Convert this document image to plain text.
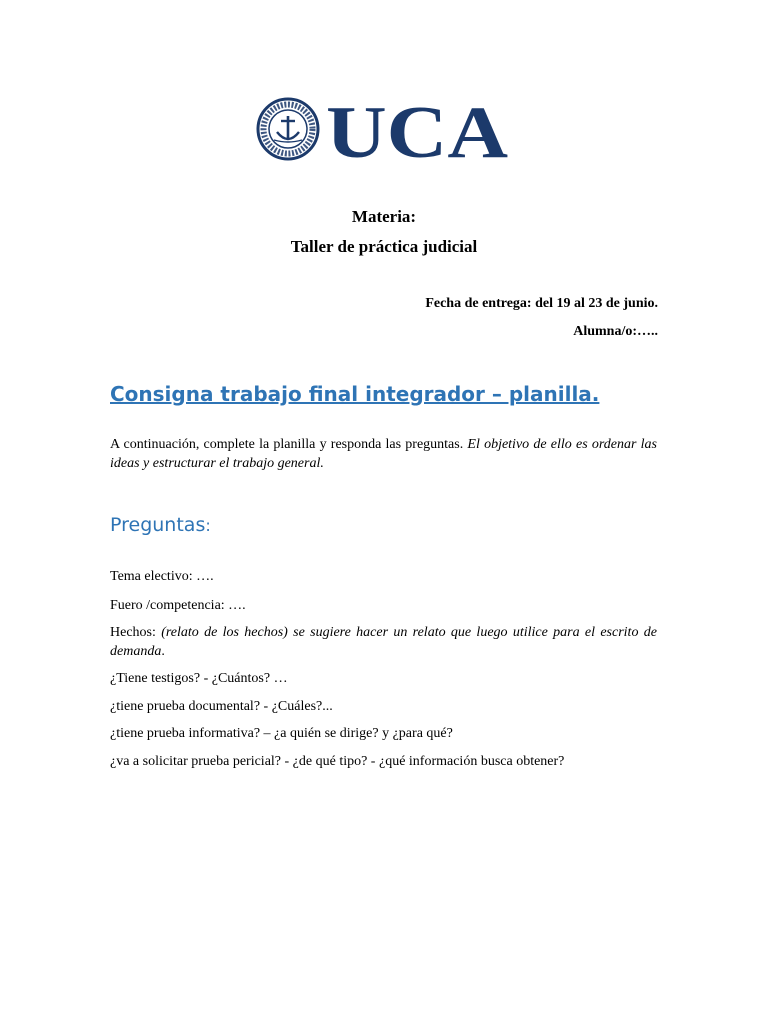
UCA
Materia:
Taller de práctica judicial
Fecha de entrega: del 19 al 23 de junio.
Alumna/o:…..
Consigna trabajo final integrador – planilla.
A continuación, complete la planilla y responda las preguntas. El objetivo de ello es ordenar las ideas y estructurar el trabajo general.
Preguntas:
Tema electivo: ….
Fuero /competencia: ….
Hechos: (relato de los hechos) se sugiere hacer un relato que luego utilice para el escrito de demanda.
¿Tiene testigos? - ¿Cuántos? …
¿tiene prueba documental? - ¿Cuáles?...
¿tiene prueba informativa? – ¿a quién se dirige? y ¿para qué?
¿va a solicitar prueba pericial? - ¿de qué tipo? - ¿qué información busca obtener?
